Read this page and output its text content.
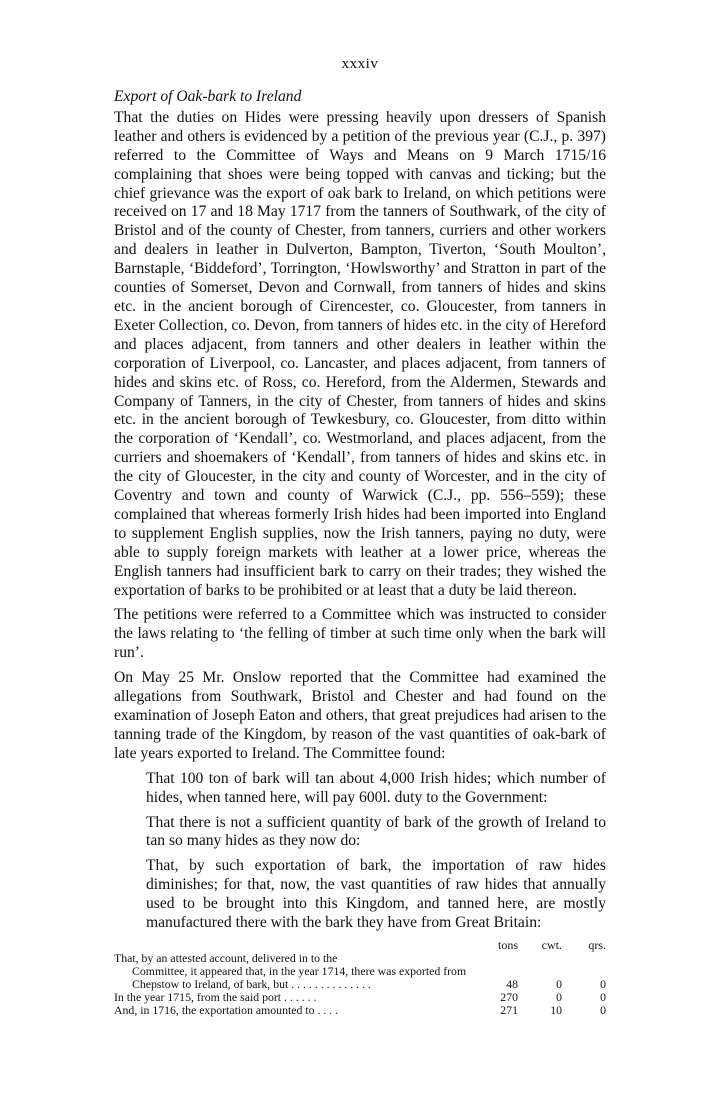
xxxiv

Export of Oak-bark to Ireland

That the duties on Hides were pressing heavily upon dressers of Spanish leather and others is evidenced by a petition of the previous year (C.J., p. 397) referred to the Committee of Ways and Means on 9 March 1715/16 complaining that shoes were being topped with canvas and ticking; but the chief grievance was the export of oak bark to Ireland, on which petitions were received on 17 and 18 May 1717 from the tanners of Southwark, of the city of Bristol and of the county of Chester, from tanners, curriers and other workers and dealers in leather in Dulverton, Bampton, Tiverton, ‘South Moulton’, Barnstaple, ‘Biddeford’, Torrington, ‘Howlsworthy’ and Stratton in part of the counties of Somerset, Devon and Cornwall, from tanners of hides and skins etc. in the ancient borough of Cirencester, co. Gloucester, from tanners in Exeter Collection, co. Devon, from tanners of hides etc. in the city of Hereford and places adjacent, from tanners and other dealers in leather within the corporation of Liverpool, co. Lancaster, and places adjacent, from tanners of hides and skins etc. of Ross, co. Hereford, from the Aldermen, Stewards and Company of Tanners, in the city of Chester, from tanners of hides and skins etc. in the ancient borough of Tewkesbury, co. Gloucester, from ditto within the corporation of ‘Kendall’, co. Westmorland, and places adjacent, from the curriers and shoemakers of ‘Kendall’, from tanners of hides and skins etc. in the city of Gloucester, in the city and county of Worcester, and in the city of Coventry and town and county of Warwick (C.J., pp. 556–559); these complained that whereas formerly Irish hides had been imported into England to supplement English supplies, now the Irish tanners, paying no duty, were able to supply foreign markets with leather at a lower price, whereas the English tanners had insufficient bark to carry on their trades; they wished the exportation of barks to be prohibited or at least that a duty be laid thereon.

The petitions were referred to a Committee which was instructed to consider the laws relating to ‘the felling of timber at such time only when the bark will run’.

On May 25 Mr. Onslow reported that the Committee had examined the allegations from Southwark, Bristol and Chester and had found on the examination of Joseph Eaton and others, that great prejudices had arisen to the tanning trade of the Kingdom, by reason of the vast quantities of oak-bark of late years exported to Ireland. The Committee found:

That 100 ton of bark will tan about 4,000 Irish hides; which number of hides, when tanned here, will pay 600l. duty to the Government:

That there is not a sufficient quantity of bark of the growth of Ireland to tan so many hides as they now do:

That, by such exportation of bark, the importation of raw hides diminishes; for that, now, the vast quantities of raw hides that annually used to be brought into this Kingdom, and tanned here, are mostly manufactured there with the bark they have from Great Britain:

	tons	cwt.	qrs.
That, by an attested account, delivered in to the
Committee, it appeared that, in the year 1714, there was exported from Chepstow to Ireland, of bark, but . . . . . . . . . . . . . .	48	0	0
In the year 1715, from the said port . . . . . .	270	0	0
And, in 1716, the exportation amounted to . . . .	271	10	0
